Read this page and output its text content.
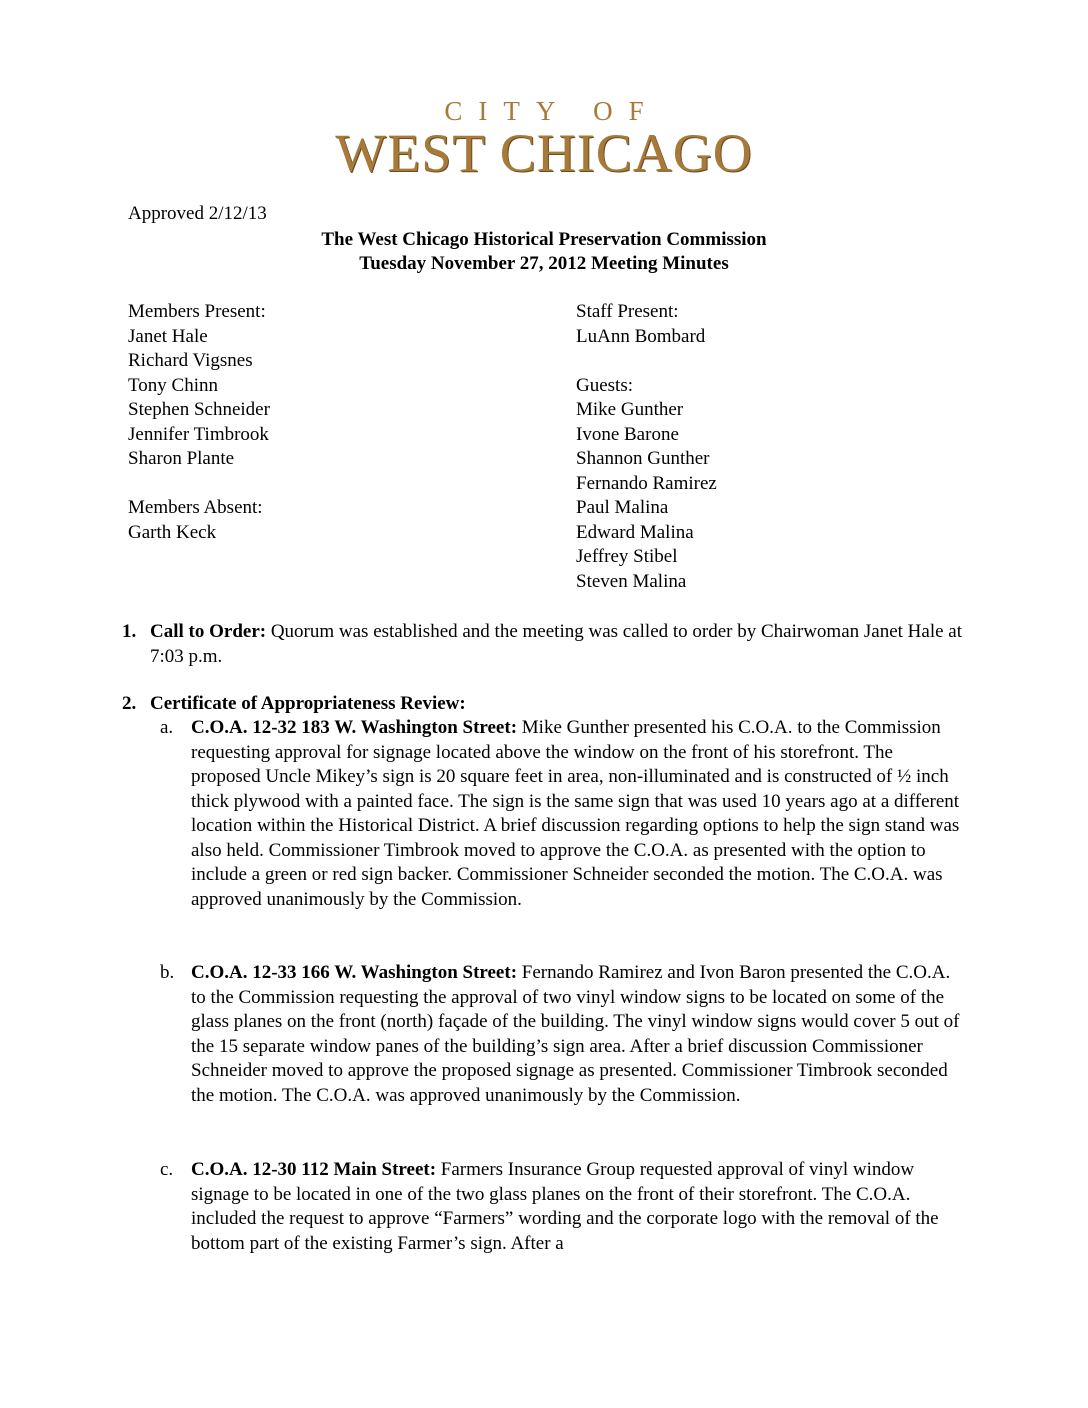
CITY OF
WEST CHICAGO
Approved 2/12/13
The West Chicago Historical Preservation Commission
Tuesday November 27, 2012 Meeting Minutes
Members Present:
Janet Hale
Richard Vigsnes
Tony Chinn
Stephen Schneider
Jennifer Timbrook
Sharon Plante
Members Absent:
Garth Keck
Staff Present:
LuAnn Bombard
Guests:
Mike Gunther
Ivone Barone
Shannon Gunther
Fernando Ramirez
Paul Malina
Edward Malina
Jeffrey Stibel
Steven Malina
1. Call to Order: Quorum was established and the meeting was called to order by Chairwoman Janet Hale at 7:03 p.m.
2. Certificate of Appropriateness Review:
a. C.O.A. 12-32 183 W. Washington Street: Mike Gunther presented his C.O.A. to the Commission requesting approval for signage located above the window on the front of his storefront. The proposed Uncle Mikey’s sign is 20 square feet in area, non-illuminated and is constructed of ½ inch thick plywood with a painted face. The sign is the same sign that was used 10 years ago at a different location within the Historical District. A brief discussion regarding options to help the sign stand was also held. Commissioner Timbrook moved to approve the C.O.A. as presented with the option to include a green or red sign backer. Commissioner Schneider seconded the motion. The C.O.A. was approved unanimously by the Commission.
b. C.O.A. 12-33 166 W. Washington Street: Fernando Ramirez and Ivon Baron presented the C.O.A. to the Commission requesting the approval of two vinyl window signs to be located on some of the glass planes on the front (north) façade of the building. The vinyl window signs would cover 5 out of the 15 separate window panes of the building’s sign area. After a brief discussion Commissioner Schneider moved to approve the proposed signage as presented. Commissioner Timbrook seconded the motion. The C.O.A. was approved unanimously by the Commission.
c. C.O.A. 12-30 112 Main Street: Farmers Insurance Group requested approval of vinyl window signage to be located in one of the two glass planes on the front of their storefront. The C.O.A. included the request to approve “Farmers” wording and the corporate logo with the removal of the bottom part of the existing Farmer’s sign. After a
